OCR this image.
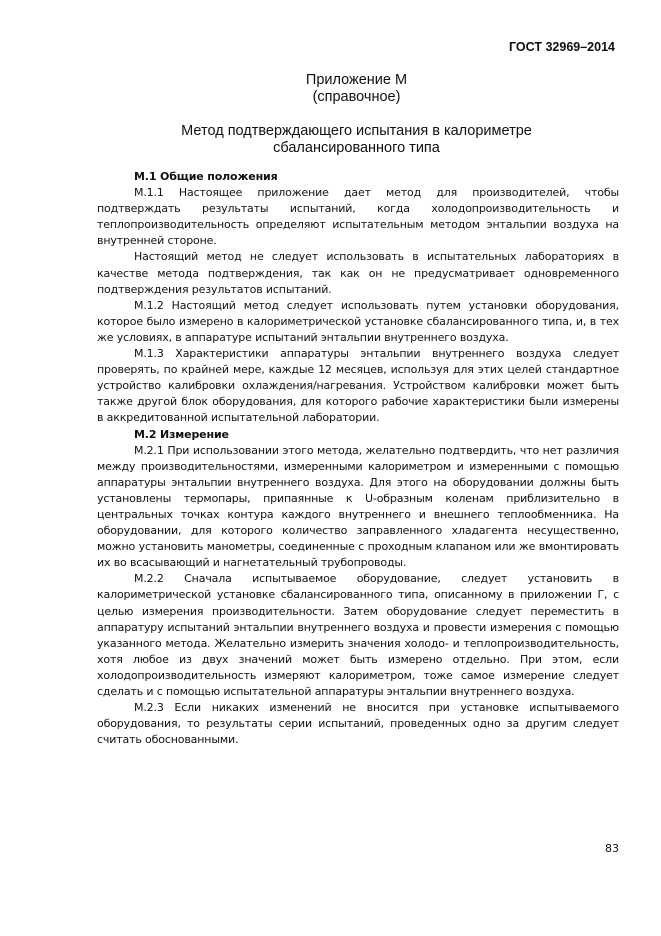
ГОСТ 32969–2014
Приложение М
(справочное)
Метод подтверждающего испытания в калориметре
сбалансированного типа

М.1 Общие положения

М.1.1 Настоящее приложение дает метод для производителей, чтобы подтверждать результаты испытаний, когда холодопроизводительность и теплопроизводительность определяют испытательным методом энтальпии воздуха на внутренней стороне.

Настоящий метод не следует использовать в испытательных лабораториях в качестве метода подтверждения, так как он не предусматривает одновременного подтверждения результатов испытаний.

М.1.2 Настоящий метод следует использовать путем установки оборудования, которое было измерено в калориметрической установке сбалансированного типа, и, в тех же условиях, в аппаратуре испытаний энтальпии внутреннего воздуха.

М.1.3 Характеристики аппаратуры энтальпии внутреннего воздуха следует проверять, по крайней мере, каждые 12 месяцев, используя для этих целей стандартное устройство калибровки охлаждения/нагревания. Устройством калибровки может быть также другой блок оборудования, для которого рабочие характеристики были измерены в аккредитованной испытательной лаборатории.

М.2 Измерение

М.2.1 При использовании этого метода, желательно подтвердить, что нет различия между производительностями, измеренными калориметром и измеренными с помощью аппаратуры энтальпии внутреннего воздуха. Для этого на оборудовании должны быть установлены термопары, припаянные к U-образным коленам приблизительно в центральных точках контура каждого внутреннего и внешнего теплообменника. На оборудовании, для которого количество заправленного хладагента несущественно, можно установить манометры, соединенные с проходным клапаном или же вмонтировать их во всасывающий и нагнетательный трубопроводы.

М.2.2 Сначала испытываемое оборудование, следует установить в калориметрической установке сбалансированного типа, описанному в приложении Г, с целью измерения производительности. Затем оборудование следует переместить в аппаратуру испытаний энтальпии внутреннего воздуха и провести измерения с помощью указанного метода. Желательно измерить значения холодо- и теплопроизводительность, хотя любое из двух значений может быть измерено отдельно. При этом, если холодопроизводительность измеряют калориметром, тоже самое измерение следует сделать и с помощью испытательной аппаратуры энтальпии внутреннего воздуха.

М.2.3 Если никаких изменений не вносится при установке испытываемого оборудования, то результаты серии испытаний, проведенных одно за другим следует считать обоснованными.

83
